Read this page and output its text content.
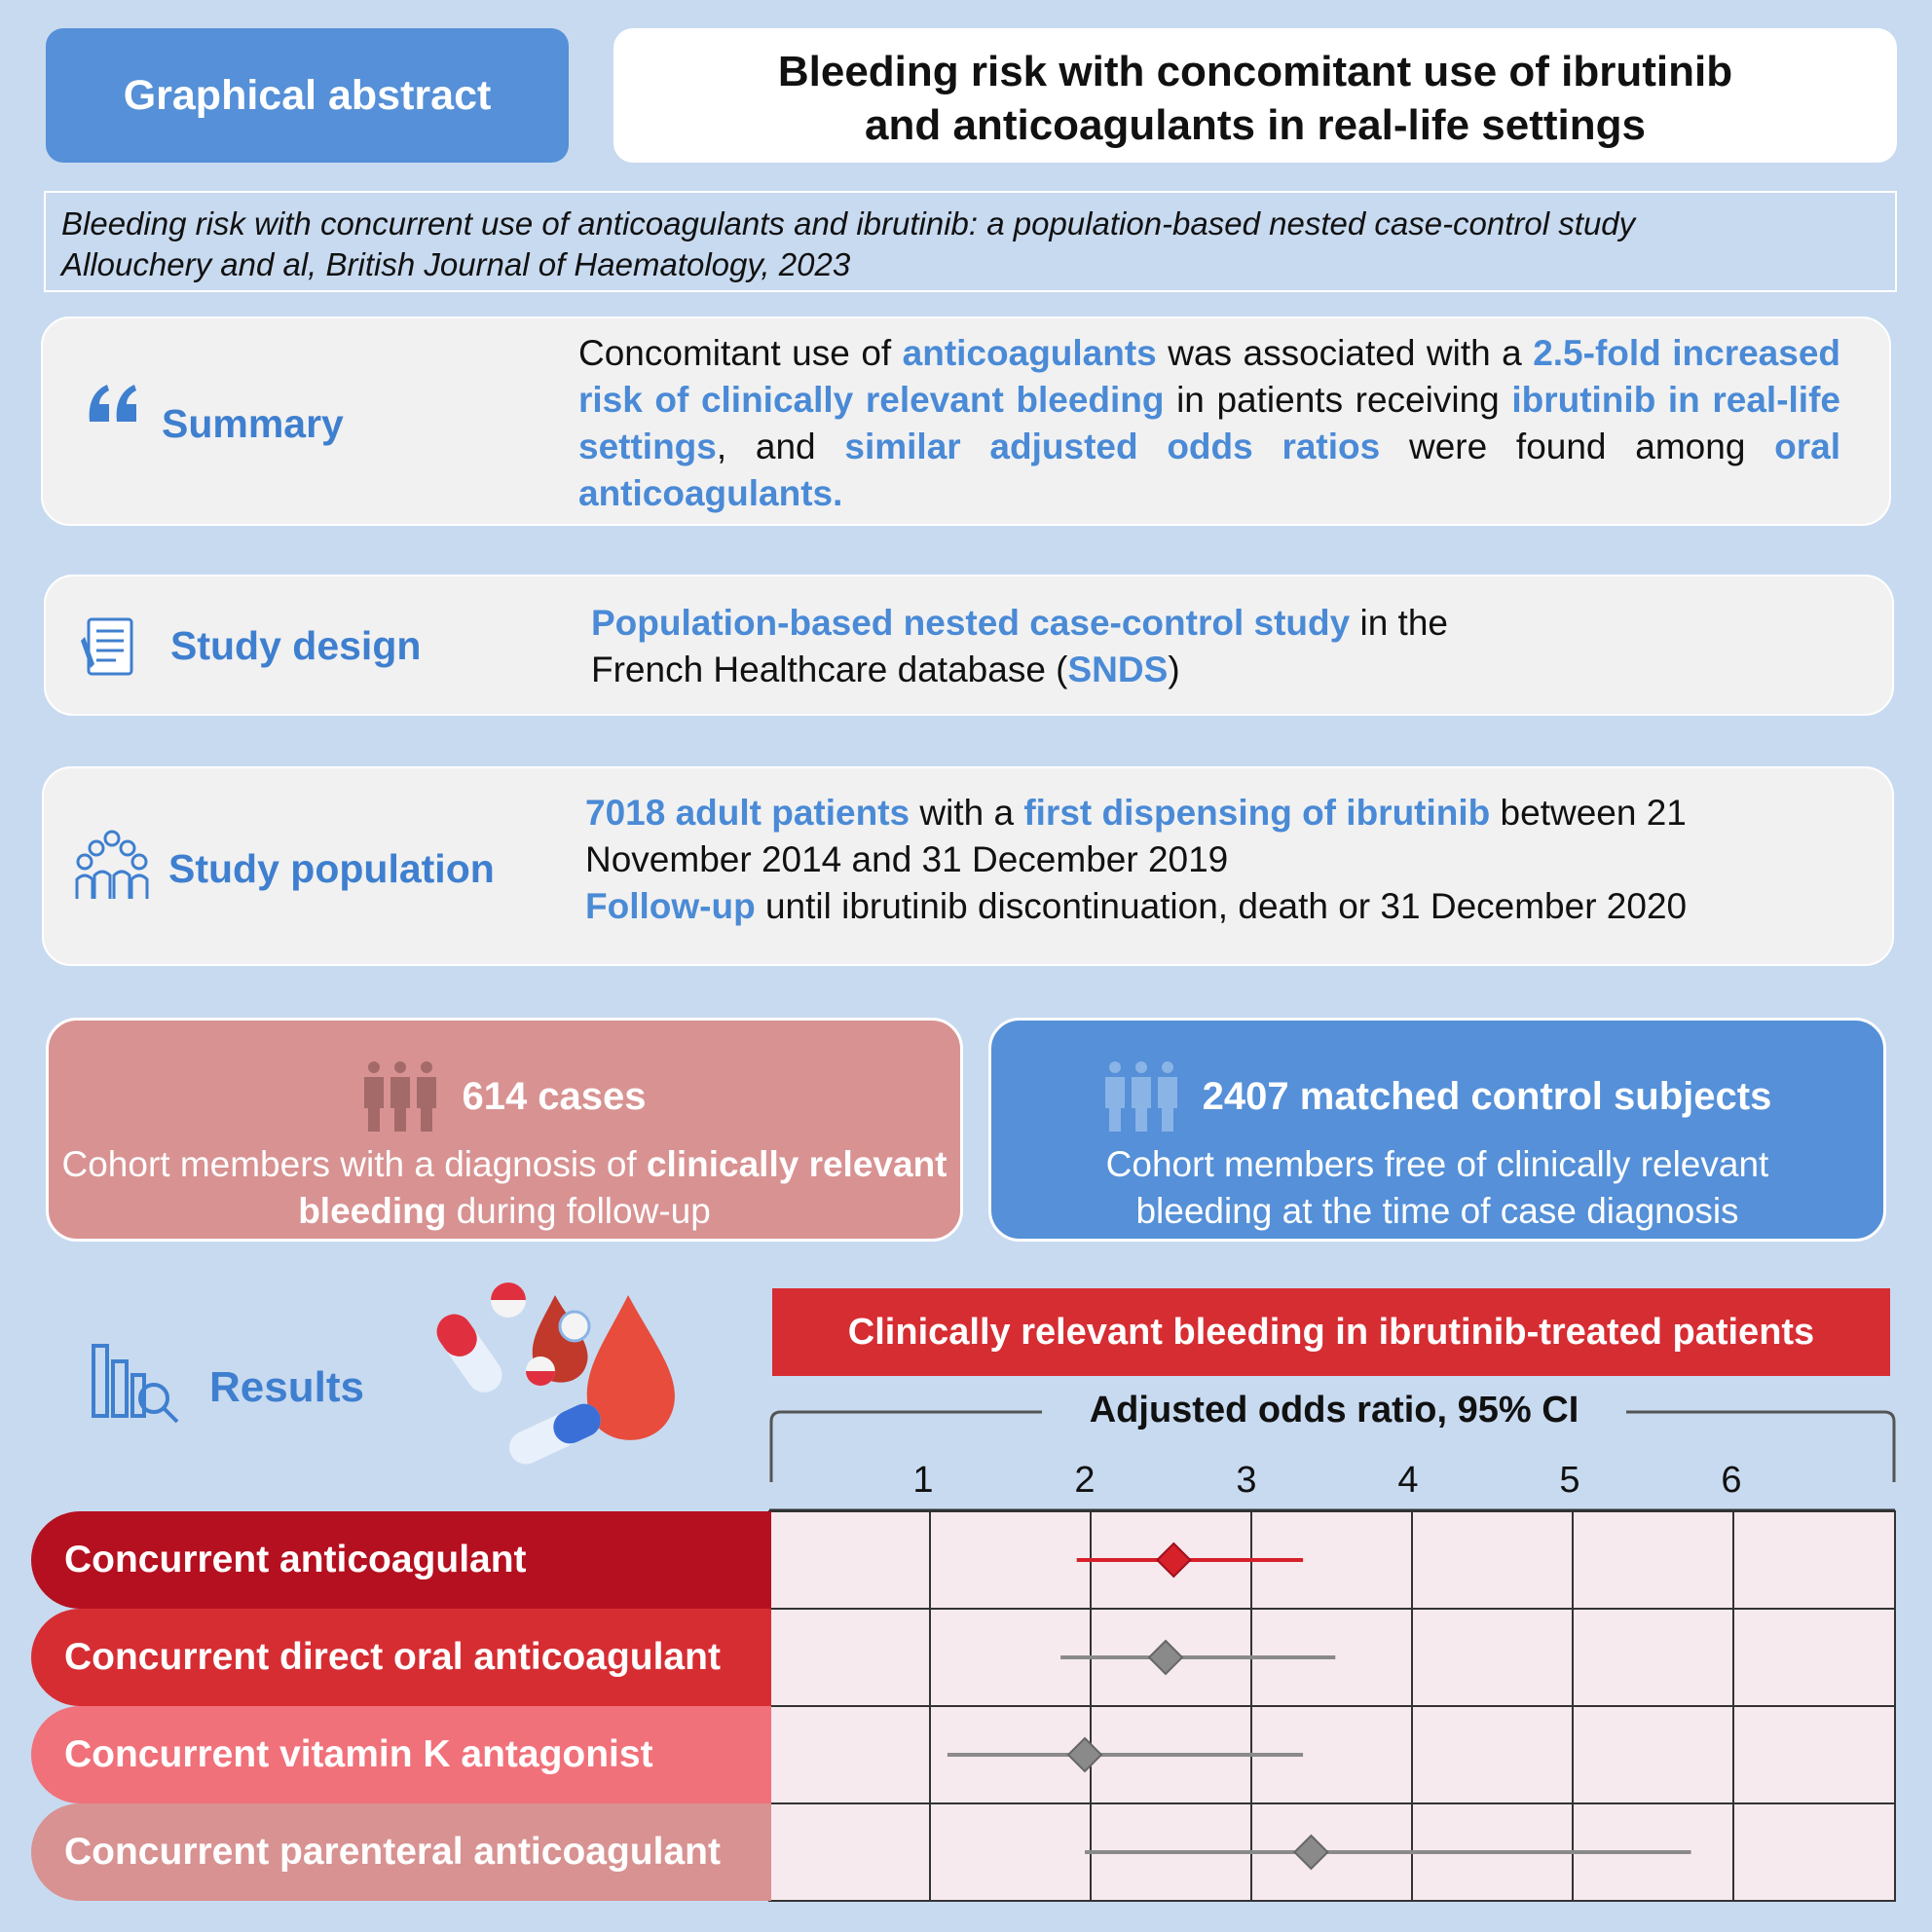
Graphical abstract	Bleeding risk with concomitant use of ibrutinib
and anticoagulants in real-life settings
Bleeding risk with concurrent use of anticoagulants and ibrutinib: a population-based nested case-control study
Allouchery and al, British Journal of Haematology, 2023
Summary
Concomitant use of anticoagulants was associated with a 2.5-fold increased risk of clinically relevant bleeding in patients receiving ibrutinib in real-life settings, and similar adjusted odds ratios were found among oral anticoagulants.
Study design
Population-based nested case-control study in the
French Healthcare database (SNDS)
Study population
7018 adult patients with a first dispensing of ibrutinib between 21 November 2014 and 31 December 2019
Follow-up until ibrutinib discontinuation, death or 31 December 2020
614 cases
Cohort members with a diagnosis of clinically relevant bleeding during follow-up
2407 matched control subjects
Cohort members free of clinically relevant bleeding at the time of case diagnosis
Results
Clinically relevant bleeding in ibrutinib-treated patients
Adjusted odds ratio, 95% CI
1	2	3	4	5	6
Concurrent anticoagulant
Concurrent direct oral anticoagulant
Concurrent vitamin K antagonist
Concurrent parenteral anticoagulant
